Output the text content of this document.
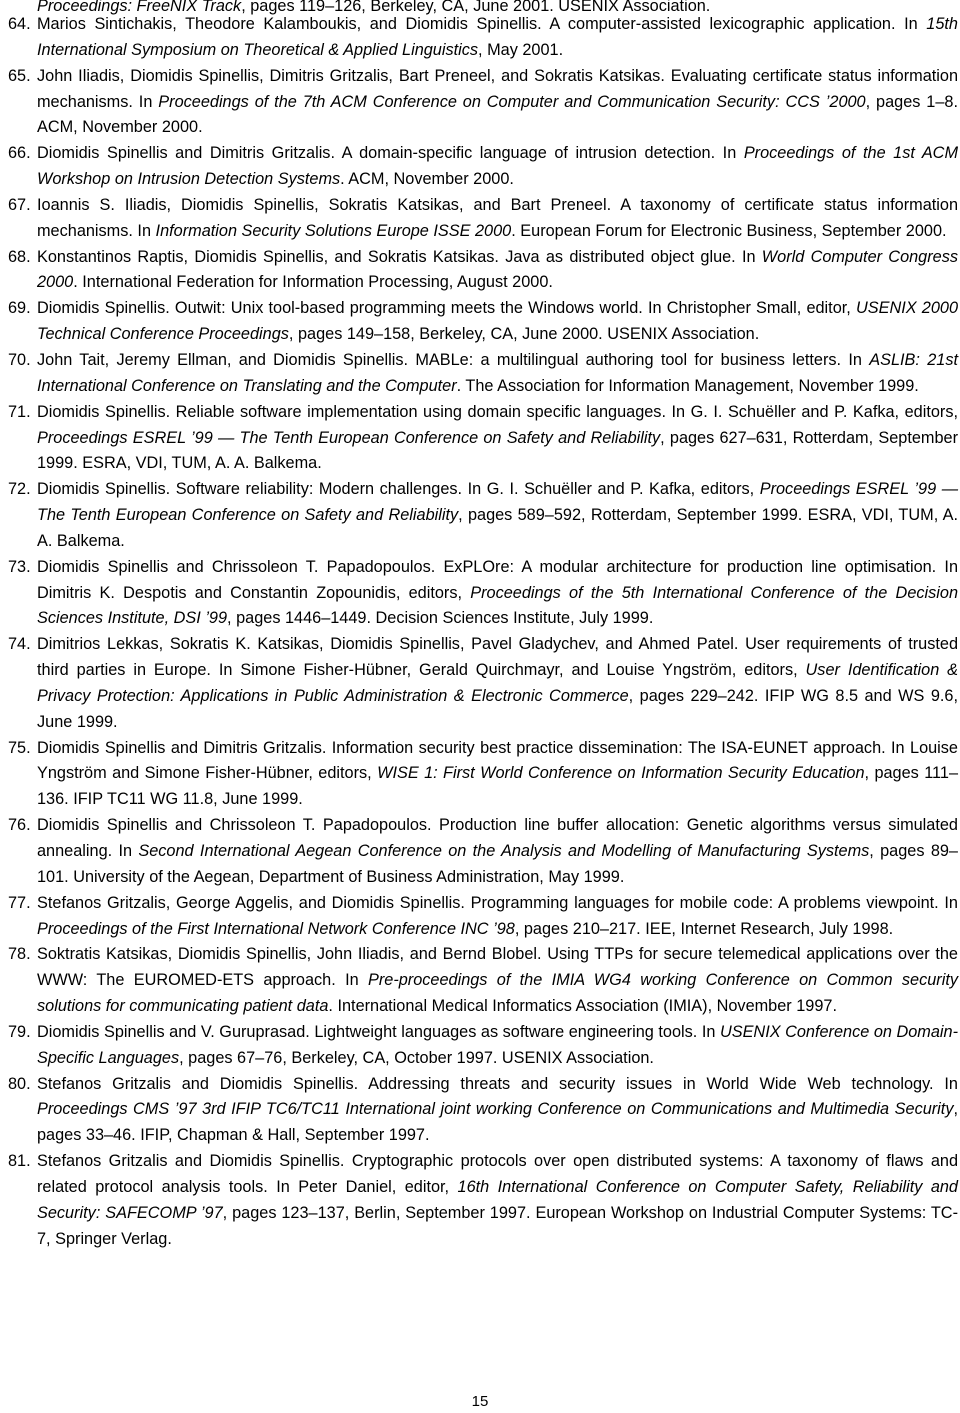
Proceedings: FreeNIX Track, pages 119–126, Berkeley, CA, June 2001. USENIX Association.
64. Marios Sintichakis, Theodore Kalamboukis, and Diomidis Spinellis. A computer-assisted lexicographic application. In 15th International Symposium on Theoretical & Applied Linguistics, May 2001.
65. John Iliadis, Diomidis Spinellis, Dimitris Gritzalis, Bart Preneel, and Sokratis Katsikas. Evaluating certificate status information mechanisms. In Proceedings of the 7th ACM Conference on Computer and Communication Security: CCS ’2000, pages 1–8. ACM, November 2000.
66. Diomidis Spinellis and Dimitris Gritzalis. A domain-specific language of intrusion detection. In Proceedings of the 1st ACM Workshop on Intrusion Detection Systems. ACM, November 2000.
67. Ioannis S. Iliadis, Diomidis Spinellis, Sokratis Katsikas, and Bart Preneel. A taxonomy of certificate status information mechanisms. In Information Security Solutions Europe ISSE 2000. European Forum for Electronic Business, September 2000.
68. Konstantinos Raptis, Diomidis Spinellis, and Sokratis Katsikas. Java as distributed object glue. In World Computer Congress 2000. International Federation for Information Processing, August 2000.
69. Diomidis Spinellis. Outwit: Unix tool-based programming meets the Windows world. In Christopher Small, editor, USENIX 2000 Technical Conference Proceedings, pages 149–158, Berkeley, CA, June 2000. USENIX Association.
70. John Tait, Jeremy Ellman, and Diomidis Spinellis. MABLe: a multilingual authoring tool for business letters. In ASLIB: 21st International Conference on Translating and the Computer. The Association for Information Management, November 1999.
71. Diomidis Spinellis. Reliable software implementation using domain specific languages. In G. I. Schuëller and P. Kafka, editors, Proceedings ESREL ’99 — The Tenth European Conference on Safety and Reliability, pages 627–631, Rotterdam, September 1999. ESRA, VDI, TUM, A. A. Balkema.
72. Diomidis Spinellis. Software reliability: Modern challenges. In G. I. Schuëller and P. Kafka, editors, Proceedings ESREL ’99 — The Tenth European Conference on Safety and Reliability, pages 589–592, Rotterdam, September 1999. ESRA, VDI, TUM, A. A. Balkema.
73. Diomidis Spinellis and Chrissoleon T. Papadopoulos. ExPLOre: A modular architecture for production line optimisation. In Dimitris K. Despotis and Constantin Zopounidis, editors, Proceedings of the 5th International Conference of the Decision Sciences Institute, DSI ’99, pages 1446–1449. Decision Sciences Institute, July 1999.
74. Dimitrios Lekkas, Sokratis K. Katsikas, Diomidis Spinellis, Pavel Gladychev, and Ahmed Patel. User requirements of trusted third parties in Europe. In Simone Fisher-Hübner, Gerald Quirchmayr, and Louise Yngström, editors, User Identification & Privacy Protection: Applications in Public Administration & Electronic Commerce, pages 229–242. IFIP WG 8.5 and WS 9.6, June 1999.
75. Diomidis Spinellis and Dimitris Gritzalis. Information security best practice dissemination: The ISA-EUNET approach. In Louise Yngström and Simone Fisher-Hübner, editors, WISE 1: First World Conference on Information Security Education, pages 111–136. IFIP TC11 WG 11.8, June 1999.
76. Diomidis Spinellis and Chrissoleon T. Papadopoulos. Production line buffer allocation: Genetic algorithms versus simulated annealing. In Second International Aegean Conference on the Analysis and Modelling of Manufacturing Systems, pages 89–101. University of the Aegean, Department of Business Administration, May 1999.
77. Stefanos Gritzalis, George Aggelis, and Diomidis Spinellis. Programming languages for mobile code: A problems viewpoint. In Proceedings of the First International Network Conference INC ’98, pages 210–217. IEE, Internet Research, July 1998.
78. Soktratis Katsikas, Diomidis Spinellis, John Iliadis, and Bernd Blobel. Using TTPs for secure telemedical applications over the WWW: The EUROMED-ETS approach. In Pre-proceedings of the IMIA WG4 working Conference on Common security solutions for communicating patient data. International Medical Informatics Association (IMIA), November 1997.
79. Diomidis Spinellis and V. Guruprasad. Lightweight languages as software engineering tools. In USENIX Conference on Domain-Specific Languages, pages 67–76, Berkeley, CA, October 1997. USENIX Association.
80. Stefanos Gritzalis and Diomidis Spinellis. Addressing threats and security issues in World Wide Web technology. In Proceedings CMS ’97 3rd IFIP TC6/TC11 International joint working Conference on Communications and Multimedia Security, pages 33–46. IFIP, Chapman & Hall, September 1997.
81. Stefanos Gritzalis and Diomidis Spinellis. Cryptographic protocols over open distributed systems: A taxonomy of flaws and related protocol analysis tools. In Peter Daniel, editor, 16th International Conference on Computer Safety, Reliability and Security: SAFECOMP ’97, pages 123–137, Berlin, September 1997. European Workshop on Industrial Computer Systems: TC-7, Springer Verlag.
15
